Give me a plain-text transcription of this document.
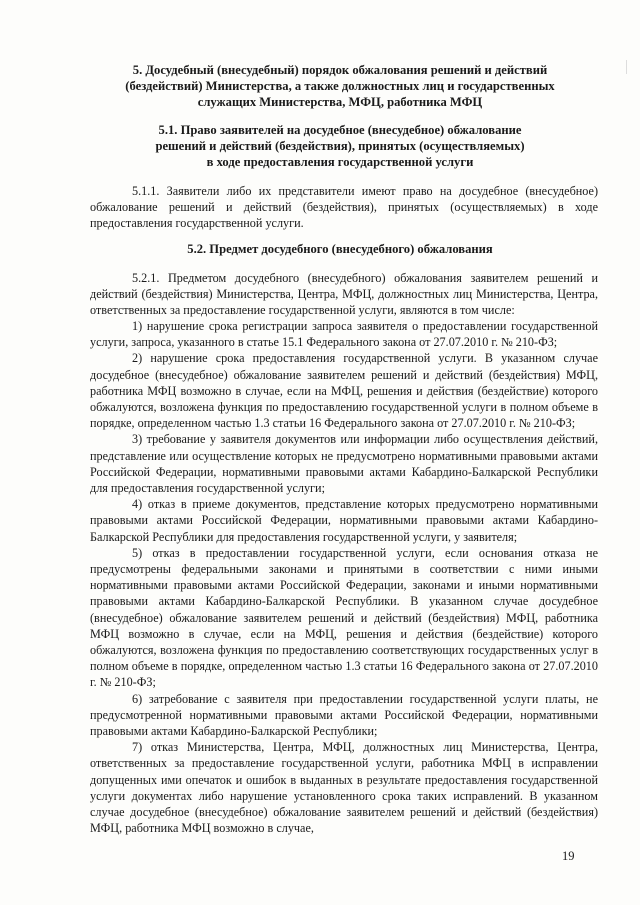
5. Досудебный (внесудебный) порядок обжалования решений и действий
(бездействий) Министерства, а также должностных лиц и государственных
служащих Министерства, МФЦ, работника МФЦ
5.1. Право заявителей на досудебное (внесудебное) обжалование
решений и действий (бездействия), принятых (осуществляемых)
в ходе предоставления государственной услуги

5.1.1. Заявители либо их представители имеют право на досудебное (внесудебное) обжалование решений и действий (бездействия), принятых (осуществляемых) в ходе предоставления государственной услуги.

5.2. Предмет досудебного (внесудебного) обжалования

5.2.1. Предметом досудебного (внесудебного) обжалования заявителем решений и действий (бездействия) Министерства, Центра, МФЦ, должностных лиц Министерства, Центра, ответственных за предоставление государственной услуги, являются в том числе:

1) нарушение срока регистрации запроса заявителя о предоставлении государственной услуги, запроса, указанного в статье 15.1 Федерального закона от 27.07.2010 г. № 210-ФЗ;

2) нарушение срока предоставления государственной услуги. В указанном случае досудебное (внесудебное) обжалование заявителем решений и действий (бездействия) МФЦ, работника МФЦ возможно в случае, если на МФЦ, решения и действия (бездействие) которого обжалуются, возложена функция по предоставлению государственной услуги в полном объеме в порядке, определенном частью 1.3 статьи 16 Федерального закона от 27.07.2010 г. № 210-ФЗ;

3) требование у заявителя документов или информации либо осуществления действий, представление или осуществление которых не предусмотрено нормативными правовыми актами Российской Федерации, нормативными правовыми актами Кабардино-Балкарской Республики для предоставления государственной услуги;

4) отказ в приеме документов, представление которых предусмотрено нормативными правовыми актами Российской Федерации, нормативными правовыми актами Кабардино-Балкарской Республики для предоставления государственной услуги, у заявителя;

5) отказ в предоставлении государственной услуги, если основания отказа не предусмотрены федеральными законами и принятыми в соответствии с ними иными нормативными правовыми актами Российской Федерации, законами и иными нормативными правовыми актами Кабардино-Балкарской Республики. В указанном случае досудебное (внесудебное) обжалование заявителем решений и действий (бездействия) МФЦ, работника МФЦ возможно в случае, если на МФЦ, решения и действия (бездействие) которого обжалуются, возложена функция по предоставлению соответствующих государственных услуг в полном объеме в порядке, определенном частью 1.3 статьи 16 Федерального закона от 27.07.2010 г. № 210-ФЗ;

6) затребование с заявителя при предоставлении государственной услуги платы, не предусмотренной нормативными правовыми актами Российской Федерации, нормативными правовыми актами Кабардино-Балкарской Республики;

7) отказ Министерства, Центра, МФЦ, должностных лиц Министерства, Центра, ответственных за предоставление государственной услуги, работника МФЦ в исправлении допущенных ими опечаток и ошибок в выданных в результате предоставления государственной услуги документах либо нарушение установленного срока таких исправлений. В указанном случае досудебное (внесудебное) обжалование заявителем решений и действий (бездействия) МФЦ, работника МФЦ возможно в случае,

19
